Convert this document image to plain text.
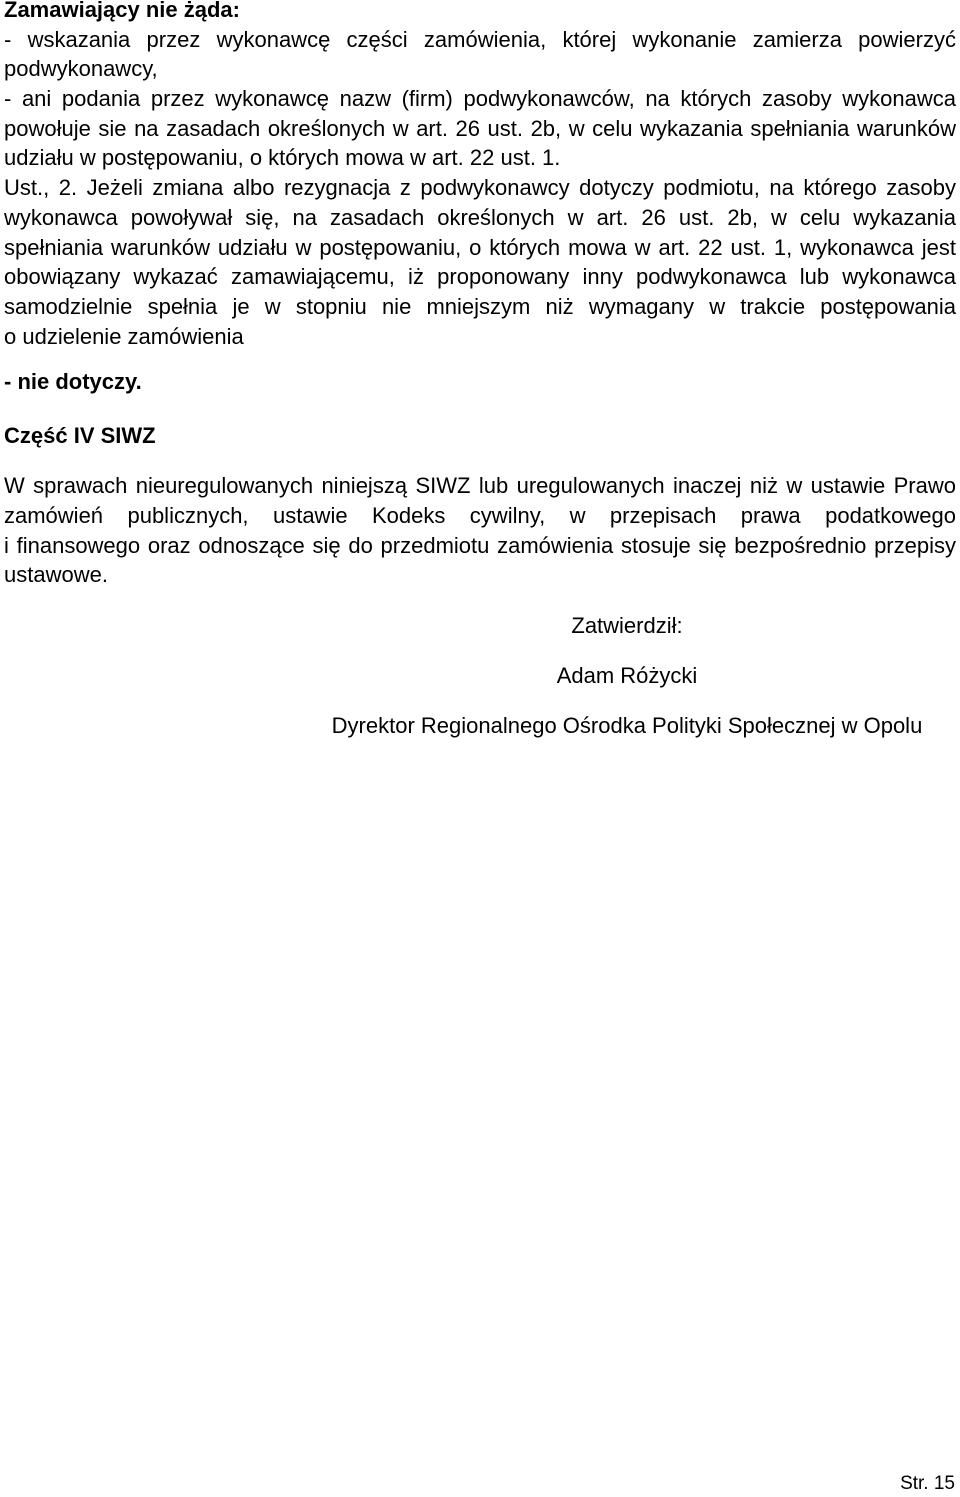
Zamawiający nie żąda:
- wskazania przez wykonawcę części zamówienia, której wykonanie zamierza powierzyć
podwykonawcy,
- ani podania przez wykonawcę nazw (firm) podwykonawców, na których zasoby wykonawca
powołuje sie na zasadach określonych w art. 26 ust. 2b, w celu wykazania spełniania warunków
udziału w postępowaniu, o których mowa w art. 22 ust. 1.
Ust., 2. Jeżeli zmiana albo rezygnacja z podwykonawcy dotyczy podmiotu, na którego zasoby
wykonawca powoływał się, na zasadach określonych w art. 26 ust. 2b, w celu wykazania
spełniania warunków udziału w postępowaniu, o których mowa w art. 22 ust. 1, wykonawca jest
obowiązany wykazać zamawiającemu, iż proponowany inny podwykonawca lub wykonawca
samodzielnie spełnia je w stopniu nie mniejszym niż wymagany w trakcie postępowania
o udzielenie zamówienia
- nie dotyczy.
Część IV SIWZ
W sprawach nieuregulowanych niniejszą SIWZ lub uregulowanych inaczej niż w ustawie Prawo
zamówień publicznych, ustawie Kodeks cywilny, w przepisach prawa podatkowego
i finansowego oraz odnoszące się do przedmiotu zamówienia stosuje się bezpośrednio przepisy
ustawowe.
Zatwierdził:
Adam Różycki
Dyrektor Regionalnego Ośrodka Polityki Społecznej w Opolu
Str. 15
